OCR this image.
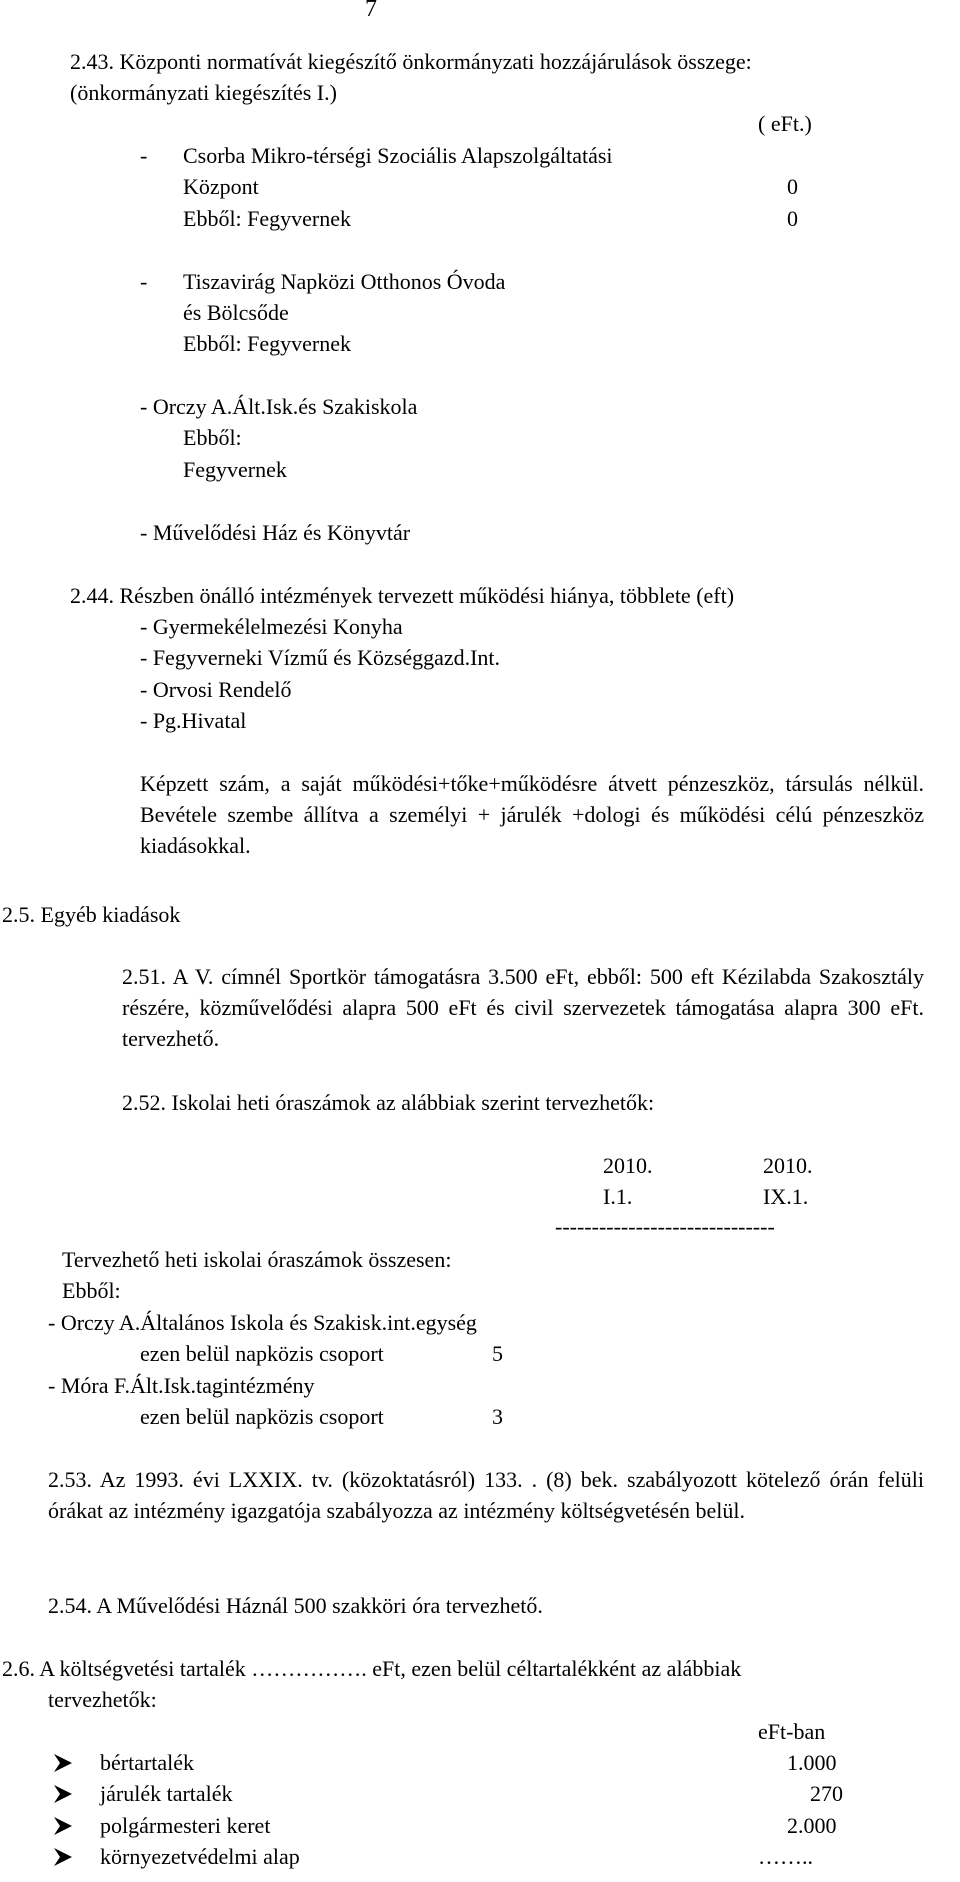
7
2.43. Központi normatívát kiegészítő önkormányzati hozzájárulások összege:
(önkormányzati kiegészítés I.)
( eFt.)
- Csorba Mikro-térségi Szociális Alapszolgáltatási
Központ	0
Ebből: Fegyvernek	0
- Tiszavirág Napközi Otthonos Óvoda
és Bölcsőde
Ebből: Fegyvernek
- Orczy A.Ált.Isk.és Szakiskola
Ebből:
Fegyvernek
- Művelődési Ház és Könyvtár
2.44. Részben önálló intézmények tervezett működési hiánya, többlete (eft)
- Gyermekélelmezési Konyha
- Fegyverneki Vízmű és Községgazd.Int.
- Orvosi Rendelő
- Pg.Hivatal
Képzett szám, a saját működési+tőke+működésre átvett pénzeszköz, társulás nélkül. Bevétele szembe állítva a személyi + járulék +dologi és működési célú pénzeszköz kiadásokkal.
2.5. Egyéb kiadások
2.51. A V. címnél Sportkör támogatásra 3.500 eFt, ebből: 500 eft Kézilabda Szakosztály részére, közművelődési alapra 500 eFt és civil szervezetek támogatása alapra 300 eFt. tervezhető.
2.52. Iskolai heti óraszámok az alábbiak szerint tervezhetők:
2010.	2010.
I.1.	IX.1.
------------------------------
Tervezhető heti iskolai óraszámok összesen:
Ebből:
- Orczy A.Általános Iskola és Szakisk.int.egység
ezen belül napközis csoport	5
- Móra F.Ált.Isk.tagintézmény
ezen belül napközis csoport	3
2.53. Az 1993. évi LXXIX. tv. (közoktatásról) 133. . (8) bek. szabályozott kötelező órán felüli órákat az intézmény igazgatója szabályozza az intézmény költségvetésén belül.
2.54. A Művelődési Háznál 500 szakköri óra tervezhető.
2.6. A költségvetési tartalék ……………. eFt, ezen belül céltartalékként az alábbiak
tervezhetők:
eFt-ban
bértartalék	1.000
járulék tartalék	270
polgármesteri keret	2.000
környezetvédelmi alap	……..
